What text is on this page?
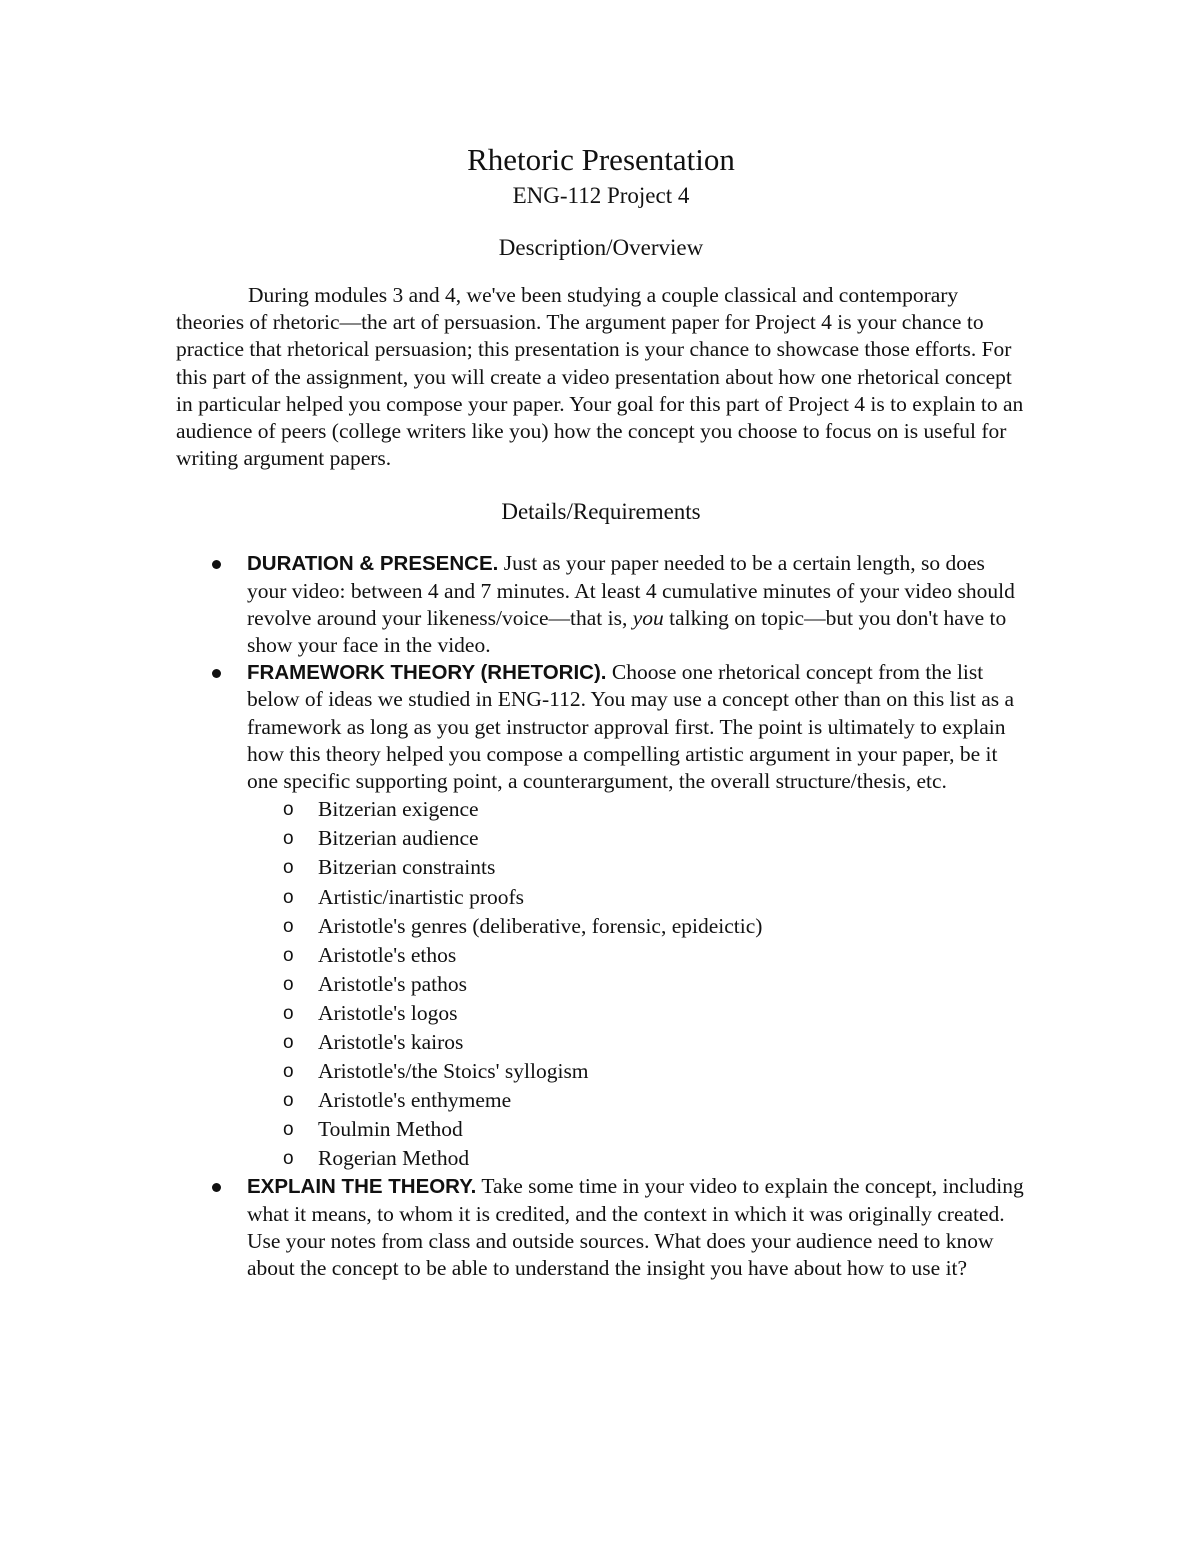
Rhetoric Presentation
ENG-112 Project 4
Description/Overview

During modules 3 and 4, we've been studying a couple classical and contemporary theories of rhetoric—the art of persuasion. The argument paper for Project 4 is your chance to practice that rhetorical persuasion; this presentation is your chance to showcase those efforts. For this part of the assignment, you will create a video presentation about how one rhetorical concept in particular helped you compose your paper. Your goal for this part of Project 4 is to explain to an audience of peers (college writers like you) how the concept you choose to focus on is useful for writing argument papers.

Details/Requirements
DURATION & PRESENCE. Just as your paper needed to be a certain length, so does your video: between 4 and 7 minutes. At least 4 cumulative minutes of your video should revolve around your likeness/voice—that is, you talking on topic—but you don't have to show your face in the video.
FRAMEWORK THEORY (RHETORIC). Choose one rhetorical concept from the list below of ideas we studied in ENG-112. You may use a concept other than on this list as a framework as long as you get instructor approval first. The point is ultimately to explain how this theory helped you compose a compelling artistic argument in your paper, be it one specific supporting point, a counterargument, the overall structure/thesis, etc.
o Bitzerian exigence
o Bitzerian audience
o Bitzerian constraints
o Artistic/inartistic proofs
o Aristotle's genres (deliberative, forensic, epideictic)
o Aristotle's ethos
o Aristotle's pathos
o Aristotle's logos
o Aristotle's kairos
o Aristotle's/the Stoics' syllogism
o Aristotle's enthymeme
o Toulmin Method
o Rogerian Method
EXPLAIN THE THEORY. Take some time in your video to explain the concept, including what it means, to whom it is credited, and the context in which it was originally created. Use your notes from class and outside sources. What does your audience need to know about the concept to be able to understand the insight you have about how to use it?
